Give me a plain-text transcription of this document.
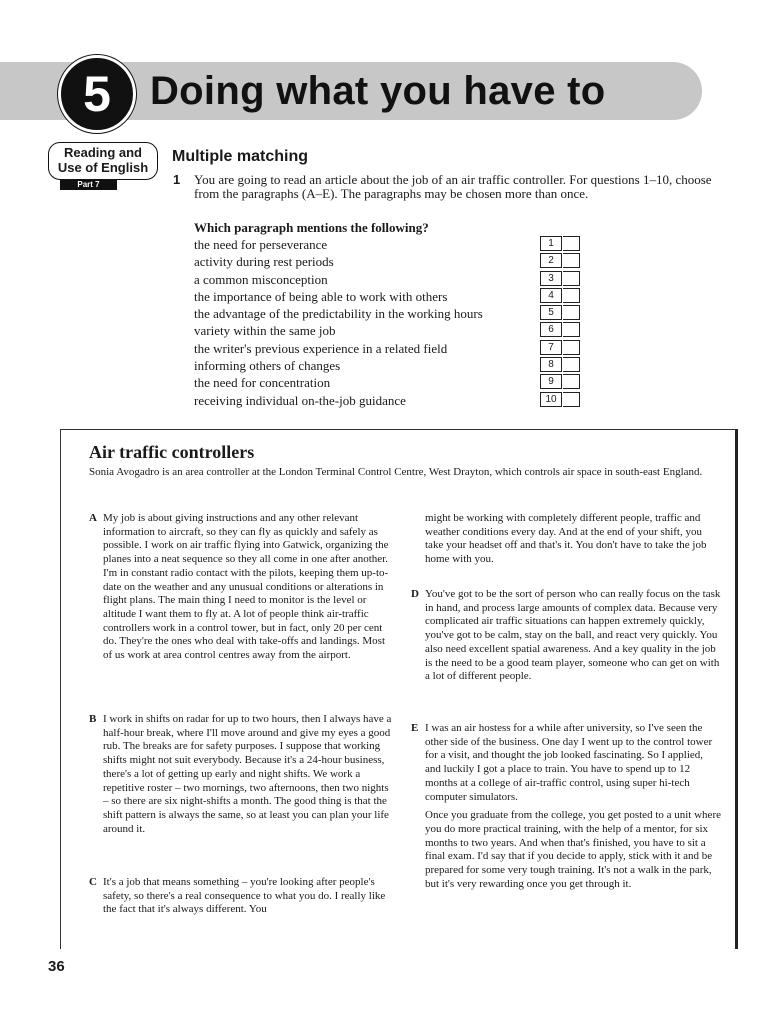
5 Doing what you have to
Reading and
Use of English
Part 7
Multiple matching
1 You are going to read an article about the job of an air traffic controller. For questions 1–10, choose from the paragraphs (A–E). The paragraphs may be chosen more than once.
Which paragraph mentions the following?
the need for perseverance	1
activity during rest periods	2
a common misconception	3
the importance of being able to work with others	4
the advantage of the predictability in the working hours	5
variety within the same job	6
the writer's previous experience in a related field	7
informing others of changes	8
the need for concentration	9
receiving individual on-the-job guidance	10
Air traffic controllers
Sonia Avogadro is an area controller at the London Terminal Control Centre, West Drayton, which controls air space in south-east England.

A My job is about giving instructions and any other relevant information to aircraft, so they can fly as quickly and safely as possible. I work on air traffic flying into Gatwick, organizing the planes into a neat sequence so they all come in one after another. I'm in constant radio contact with the pilots, keeping them up-to-date on the weather and any unusual conditions or alterations in flight plans. The main thing I need to monitor is the level or altitude I want them to fly at. A lot of people think air-traffic controllers work in a control tower, but in fact, only 20 per cent do. They're the ones who deal with take-offs and landings. Most of us work at area control centres away from the airport.

B I work in shifts on radar for up to two hours, then I always have a half-hour break, where I'll move around and give my eyes a good rub. The breaks are for safety purposes. I suppose that working shifts might not suit everybody. Because it's a 24-hour business, there's a lot of getting up early and night shifts. We work a repetitive roster – two mornings, two afternoons, then two nights – so there are six night-shifts a month. The good thing is that the shift pattern is always the same, so at least you can plan your life around it.

C It's a job that means something – you're looking after people's safety, so there's a real consequence to what you do. I really like the fact that it's always different. You

might be working with completely different people, traffic and weather conditions every day. And at the end of your shift, you take your headset off and that's it. You don't have to take the job home with you.

D You've got to be the sort of person who can really focus on the task in hand, and process large amounts of complex data. Because very complicated air traffic situations can happen extremely quickly, you've got to be calm, stay on the ball, and react very quickly. You also need excellent spatial awareness. And a key quality in the job is the need to be a good team player, someone who can get on with a lot of different people.

E I was an air hostess for a while after university, so I've seen the other side of the business. One day I went up to the control tower for a visit, and thought the job looked fascinating. So I applied, and luckily I got a place to train. You have to spend up to 12 months at a college of air-traffic control, using super hi-tech computer simulators.

Once you graduate from the college, you get posted to a unit where you do more practical training, with the help of a mentor, for six months to two years. And when that's finished, you have to sit a final exam. I'd say that if you decide to apply, stick with it and be prepared for some very tough training. It's not a walk in the park, but it's very rewarding once you get through it.

36
